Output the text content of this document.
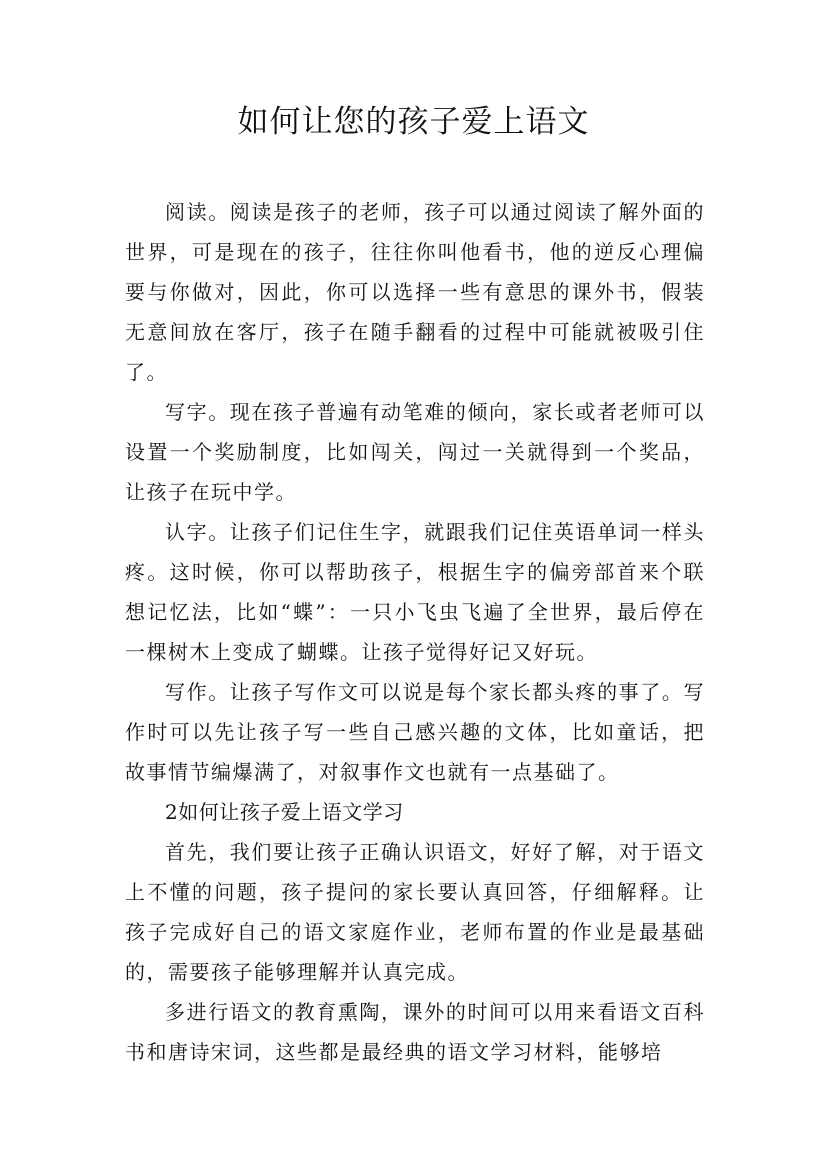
如何让您的孩子爱上语文

阅读。阅读是孩子的老师，孩子可以通过阅读了解外面的世界，可是现在的孩子，往往你叫他看书，他的逆反心理偏要与你做对，因此，你可以选择一些有意思的课外书，假装无意间放在客厅，孩子在随手翻看的过程中可能就被吸引住了。

写字。现在孩子普遍有动笔难的倾向，家长或者老师可以设置一个奖励制度，比如闯关，闯过一关就得到一个奖品，让孩子在玩中学。

认字。让孩子们记住生字，就跟我们记住英语单词一样头疼。这时候，你可以帮助孩子，根据生字的偏旁部首来个联想记忆法，比如“蝶”：一只小飞虫飞遍了全世界，最后停在一棵树木上变成了蝴蝶。让孩子觉得好记又好玩。

写作。让孩子写作文可以说是每个家长都头疼的事了。写作时可以先让孩子写一些自己感兴趣的文体，比如童话，把故事情节编爆满了，对叙事作文也就有一点基础了。

2如何让孩子爱上语文学习

首先，我们要让孩子正确认识语文，好好了解，对于语文上不懂的问题，孩子提问的家长要认真回答，仔细解释。让孩子完成好自己的语文家庭作业，老师布置的作业是最基础的，需要孩子能够理解并认真完成。

多进行语文的教育熏陶，课外的时间可以用来看语文百科书和唐诗宋词，这些都是最经典的语文学习材料，能够培
